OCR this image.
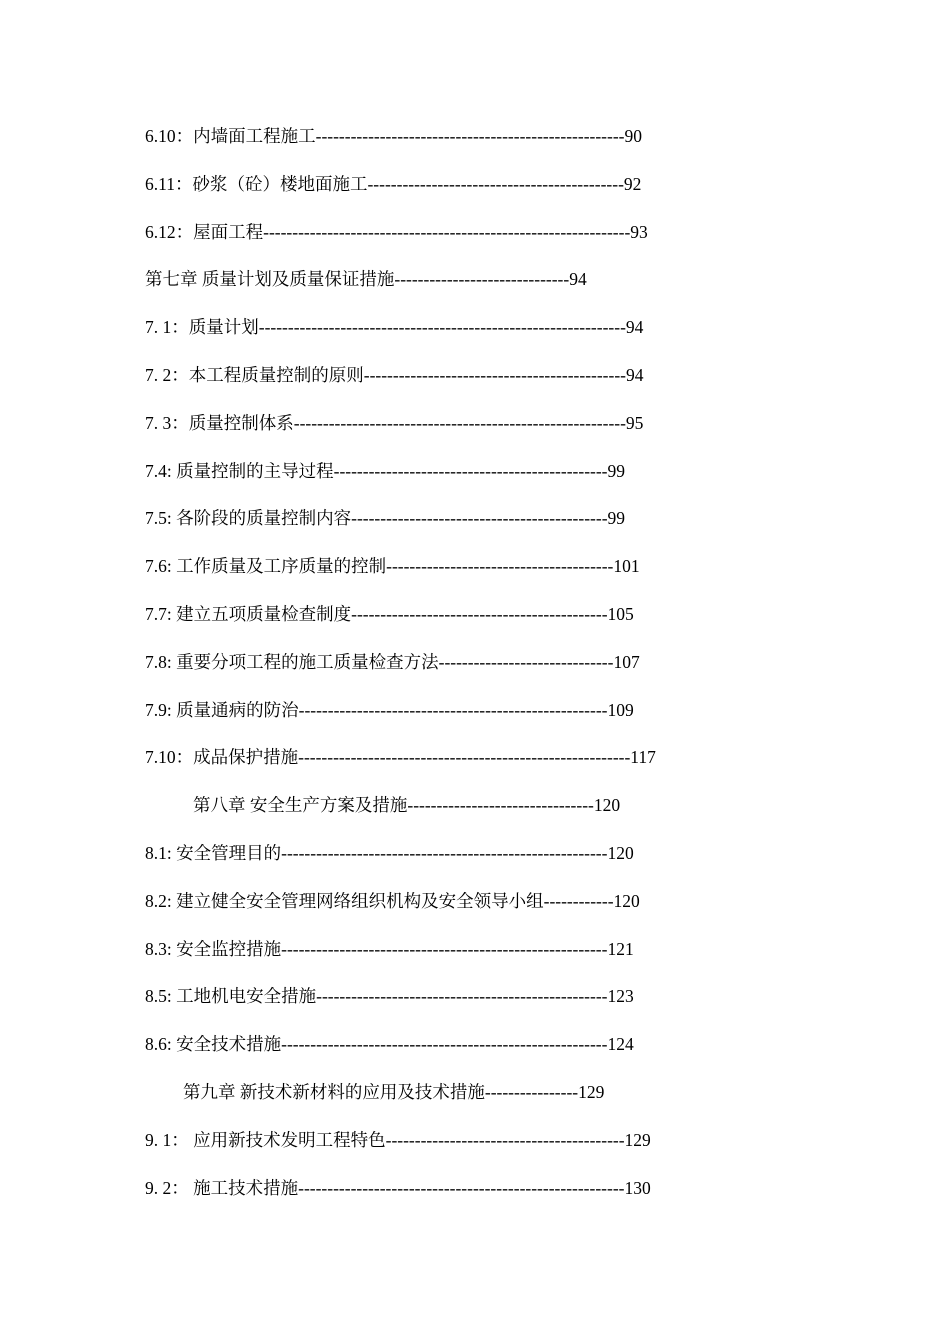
6.10：内墙面工程施工-----------------------------------------------------90
6.11：砂浆（砼）楼地面施工--------------------------------------------92
6.12：屋面工程---------------------------------------------------------------93
第七章 质量计划及质量保证措施------------------------------94
7. 1：质量计划---------------------------------------------------------------94
7. 2：本工程质量控制的原则---------------------------------------------94
7. 3：质量控制体系---------------------------------------------------------95
7.4: 质量控制的主导过程-----------------------------------------------99
7.5: 各阶段的质量控制内容--------------------------------------------99
7.6: 工作质量及工序质量的控制---------------------------------------101
7.7: 建立五项质量检查制度--------------------------------------------105
7.8: 重要分项工程的施工质量检查方法------------------------------107
7.9: 质量通病的防治-----------------------------------------------------109
7.10：成品保护措施---------------------------------------------------------117
第八章 安全生产方案及措施--------------------------------120
8.1: 安全管理目的--------------------------------------------------------120
8.2: 建立健全安全管理网络组织机构及安全领导小组------------120
8.3: 安全监控措施--------------------------------------------------------121
8.5: 工地机电安全措施--------------------------------------------------123
8.6: 安全技术措施--------------------------------------------------------124
第九章 新技术新材料的应用及技术措施----------------129
9. 1： 应用新技术发明工程特色-----------------------------------------129
9. 2： 施工技术措施--------------------------------------------------------130
